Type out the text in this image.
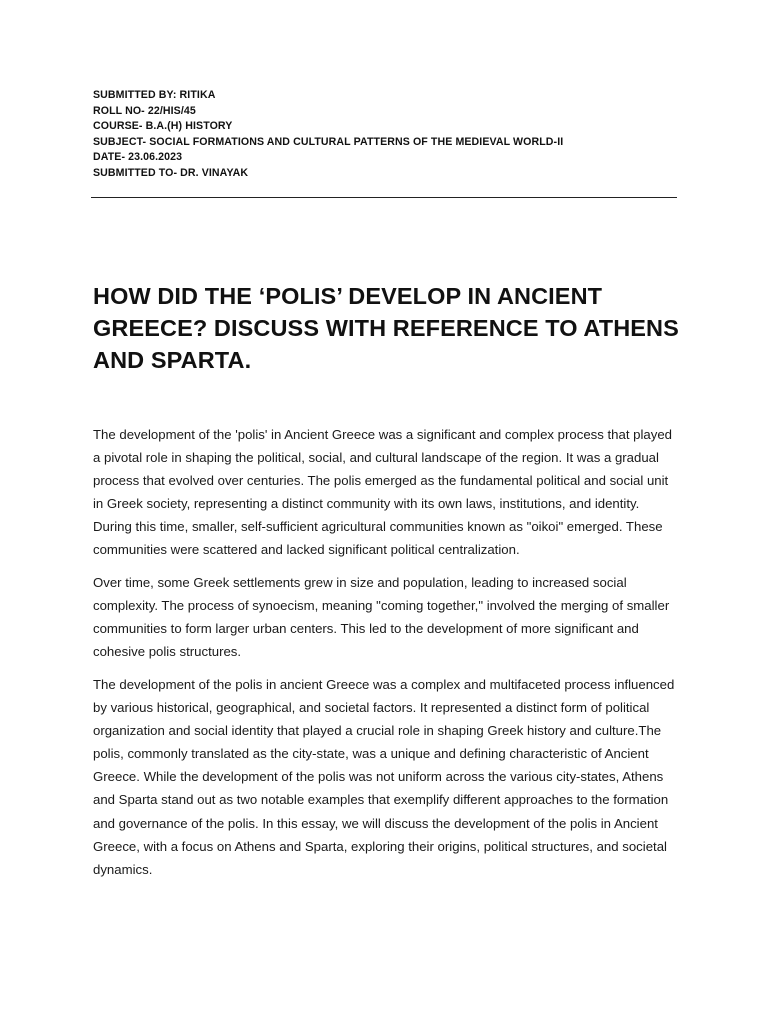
SUBMITTED BY: RITIKA
ROLL NO- 22/HIS/45
COURSE- B.A.(H) HISTORY
SUBJECT- SOCIAL FORMATIONS AND CULTURAL PATTERNS OF THE MEDIEVAL WORLD-II
DATE- 23.06.2023
SUBMITTED TO- DR. VINAYAK
HOW DID THE ‘POLIS’ DEVELOP IN ANCIENT GREECE? DISCUSS WITH REFERENCE TO ATHENS AND SPARTA.

The development of the 'polis' in Ancient Greece was a significant and complex process that played a pivotal role in shaping the political, social, and cultural landscape of the region. It was a gradual process that evolved over centuries. The polis emerged as the fundamental political and social unit in Greek society, representing a distinct community with its own laws, institutions, and identity. During this time, smaller, self-sufficient agricultural communities known as "oikoi" emerged. These communities were scattered and lacked significant political centralization.

Over time, some Greek settlements grew in size and population, leading to increased social complexity. The process of synoecism, meaning "coming together," involved the merging of smaller communities to form larger urban centers. This led to the development of more significant and cohesive polis structures.

The development of the polis in ancient Greece was a complex and multifaceted process influenced by various historical, geographical, and societal factors. It represented a distinct form of political organization and social identity that played a crucial role in shaping Greek history and culture.The polis, commonly translated as the city-state, was a unique and defining characteristic of Ancient Greece. While the development of the polis was not uniform across the various city-states, Athens and Sparta stand out as two notable examples that exemplify different approaches to the formation and governance of the polis. In this essay, we will discuss the development of the polis in Ancient Greece, with a focus on Athens and Sparta, exploring their origins, political structures, and societal dynamics.
